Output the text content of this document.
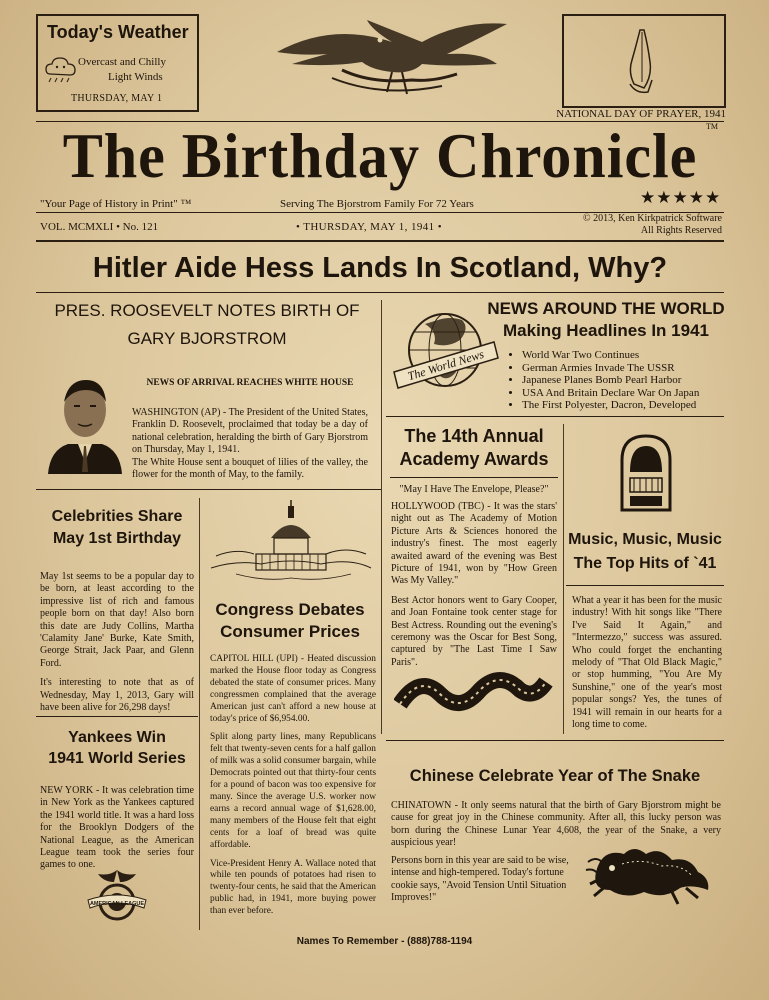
Today's Weather
Overcast and Chilly
Light Winds
THURSDAY, MAY 1
NATIONAL DAY OF PRAYER, 1941
The Birthday Chronicle	TM
"Your Page of History in Print" ™	Serving The Bjorstrom Family For 72 Years	★★★★★
VOL. MCMXLI • No. 121	• THURSDAY, MAY 1, 1941 •
© 2013, Ken Kirkpatrick Software
All Rights Reserved
Hitler Aide Hess Lands In Scotland, Why?
PRES. ROOSEVELT NOTES BIRTH OF
GARY BJORSTROM
NEWS OF ARRIVAL REACHES WHITE HOUSE
WASHINGTON (AP) - The President of the United States, Franklin D. Roosevelt, proclaimed that today be a day of national celebration, heralding the birth of Gary Bjorstrom on Thursday, May 1, 1941.
The White House sent a bouquet of lilies of the valley, the flower for the month of May, to the family.
The World News
NEWS AROUND THE WORLD
Making Headlines In 1941
• World War Two Continues
• German Armies Invade The USSR
• Japanese Planes Bomb Pearl Harbor
• USA And Britain Declare War On Japan
• The First Polyester, Dacron, Developed
Celebrities Share
May 1st Birthday

May 1st seems to be a popular day to be born, at least according to the impressive list of rich and famous people born on that day! Also born this date are Judy Collins, Martha 'Calamity Jane' Burke, Kate Smith, George Strait, Jack Paar, and Glenn Ford.

It's interesting to note that as of Wednesday, May 1, 2013, Gary will have been alive for 26,298 days!

Yankees Win
1941 World Series

NEW YORK - It was celebration time in New York as the Yankees captured the 1941 world title. It was a hard loss for the Brooklyn Dodgers of the National League, as the American League team took the series four games to one.

AMERICAN LEAGUE
Congress Debates
Consumer Prices

CAPITOL HILL (UPI) - Heated discussion marked the House floor today as Congress debated the state of consumer prices. Many congressmen complained that the average American just can't afford a new house at today's price of $6,954.00.

Split along party lines, many Republicans felt that twenty-seven cents for a half gallon of milk was a solid consumer bargain, while Democrats pointed out that thirty-four cents for a pound of bacon was too expensive for many. Since the average U.S. worker now earns a record annual wage of $1,628.00, many members of the House felt that eight cents for a loaf of bread was quite affordable.

Vice-President Henry A. Wallace noted that while ten pounds of potatoes had risen to twenty-four cents, he said that the American public had, in 1941, more buying power than ever before.

The 14th Annual
Academy Awards
"May I Have The Envelope, Please?"

HOLLYWOOD (TBC) - It was the stars' night out as The Academy of Motion Picture Arts & Sciences honored the industry's finest. The most eagerly awaited award of the evening was Best Picture of 1941, won by "How Green Was My Valley."

Best Actor honors went to Gary Cooper, and Joan Fontaine took center stage for Best Actress. Rounding out the evening's ceremony was the Oscar for Best Song, captured by "The Last Time I Saw Paris".

Music, Music, Music
The Top Hits of `41

What a year it has been for the music industry! With hit songs like "There I've Said It Again," and "Intermezzo," success was assured. Who could forget the enchanting melody of "That Old Black Magic," or stop humming, "You Are My Sunshine," one of the year's most popular songs? Yes, the tunes of 1941 will remain in our hearts for a long time to come.

Chinese Celebrate Year of The Snake
CHINATOWN - It only seems natural that the birth of Gary Bjorstrom might be cause for great joy in the Chinese community. After all, this lucky person was born during the Chinese Lunar Year 4,608, the year of the Snake, a very auspicious year!
Persons born in this year are said to be wise, intense and high-tempered. Today's fortune cookie says, "Avoid Tension Until Situation Improves!"
Names To Remember - (888)788-1194
